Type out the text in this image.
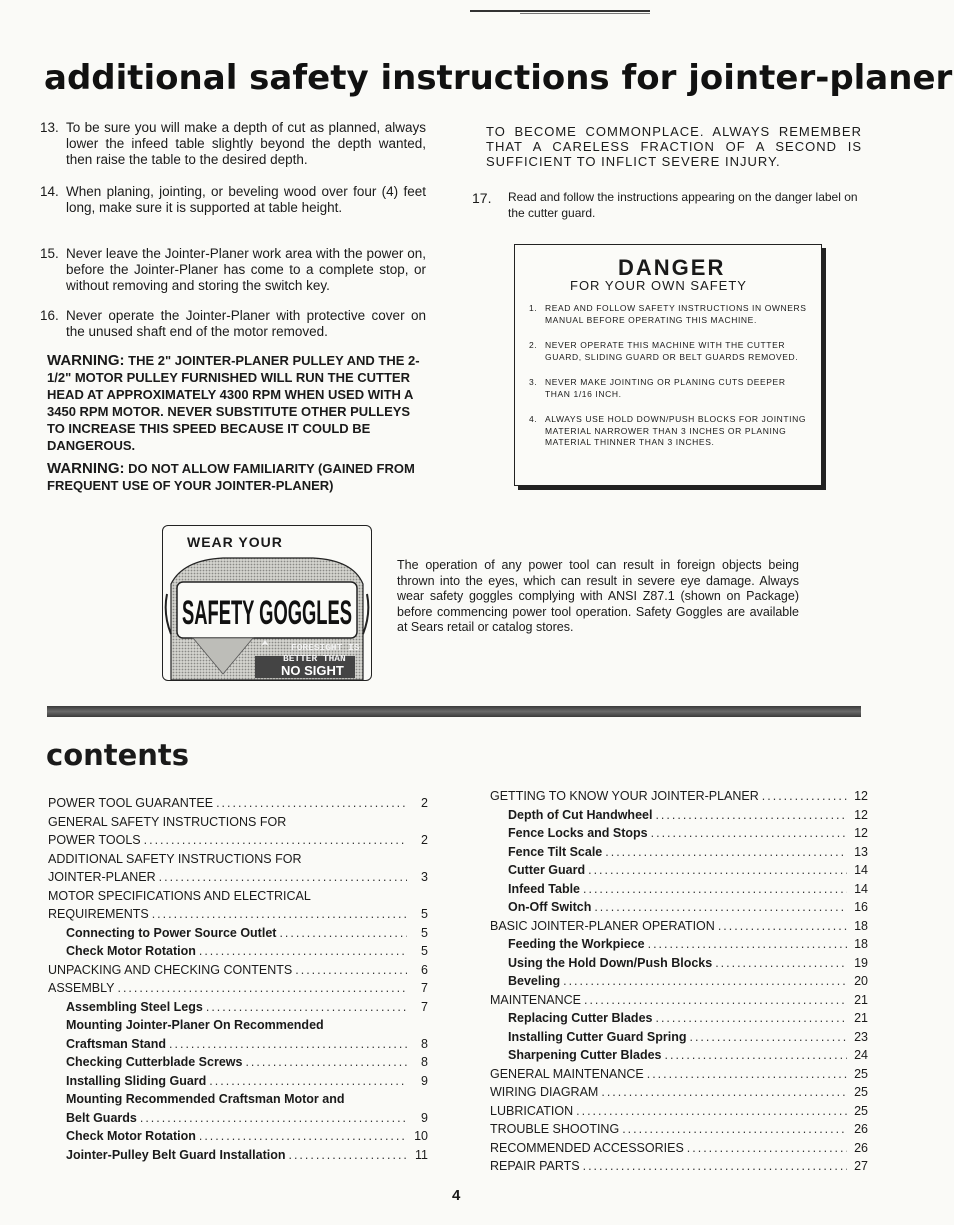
additional safety instructions for jointer-planer
13. To be sure you will make a depth of cut as planned, always lower the infeed table slightly beyond the depth wanted, then raise the table to the desired depth.
14. When planing, jointing, or beveling wood over four (4) feet long, make sure it is supported at table height.
15. Never leave the Jointer-Planer work area with the power on, before the Jointer-Planer has come to a complete stop, or without removing and storing the switch key.
16. Never operate the Jointer-Planer with protective cover on the unused shaft end of the motor removed.
WARNING: THE 2" JOINTER-PLANER PULLEY AND THE 2-1/2" MOTOR PULLEY FURNISHED WILL RUN THE CUTTER HEAD AT APPROXIMATELY 4300 RPM WHEN USED WITH A 3450 RPM MOTOR. NEVER SUBSTITUTE OTHER PULLEYS TO INCREASE THIS SPEED BECAUSE IT COULD BE DANGEROUS.
WARNING: DO NOT ALLOW FAMILIARITY (GAINED FROM FREQUENT USE OF YOUR JOINTER-PLANER)
TO BECOME COMMONPLACE. ALWAYS REMEMBER THAT A CARELESS FRACTION OF A SECOND IS SUFFICIENT TO INFLICT SEVERE INJURY.
17.	Read and follow the instructions appearing on the danger label on the cutter guard.
DANGER
FOR YOUR OWN SAFETY
1. READ AND FOLLOW SAFETY INSTRUCTIONS IN OWNERS MANUAL BEFORE OPERATING THIS MACHINE.
2. NEVER OPERATE THIS MACHINE WITH THE CUTTER GUARD, SLIDING GUARD OR BELT GUARDS REMOVED.
3. NEVER MAKE JOINTING OR PLANING CUTS DEEPER THAN 1/16 INCH.
4. ALWAYS USE HOLD DOWN/PUSH BLOCKS FOR JOINTING MATERIAL NARROWER THAN 3 INCHES OR PLANING MATERIAL THINNER THAN 3 INCHES.
WEAR YOUR
SAFETY GOGGLES
FORESIGHT IS
BETTER THAN
NO SIGHT
The operation of any power tool can result in foreign objects being thrown into the eyes, which can result in severe eye damage. Always wear safety goggles complying with ANSI Z87.1 (shown on Package) before commencing power tool operation. Safety Goggles are available at Sears retail or catalog stores.
contents
POWER TOOL GUARANTEE .....	2
GENERAL SAFETY INSTRUCTIONS FOR
POWER TOOLS .....	2
ADDITIONAL SAFETY INSTRUCTIONS FOR
JOINTER-PLANER .....	3
MOTOR SPECIFICATIONS AND ELECTRICAL
REQUIREMENTS .....	5
Connecting to Power Source Outlet .....	5
Check Motor Rotation .....	5
UNPACKING AND CHECKING CONTENTS .....	6
ASSEMBLY .....	7
Assembling Steel Legs .....	7
Mounting Jointer-Planer On Recommended
Craftsman Stand .....	8
Checking Cutterblade Screws .....	8
Installing Sliding Guard .....	9
Mounting Recommended Craftsman Motor and
Belt Guards .....	9
Check Motor Rotation .....	10
Jointer-Pulley Belt Guard Installation .....	11
GETTING TO KNOW YOUR JOINTER-PLANER .....	12
Depth of Cut Handwheel .....	12
Fence Locks and Stops .....	12
Fence Tilt Scale .....	13
Cutter Guard .....	14
Infeed Table .....	14
On-Off Switch .....	16
BASIC JOINTER-PLANER OPERATION .....	18
Feeding the Workpiece .....	18
Using the Hold Down/Push Blocks .....	19
Beveling .....	20
MAINTENANCE .....	21
Replacing Cutter Blades .....	21
Installing Cutter Guard Spring .....	23
Sharpening Cutter Blades .....	24
GENERAL MAINTENANCE .....	25
WIRING DIAGRAM .....	25
LUBRICATION .....	25
TROUBLE SHOOTING .....	26
RECOMMENDED ACCESSORIES .....	26
REPAIR PARTS .....	27
4
